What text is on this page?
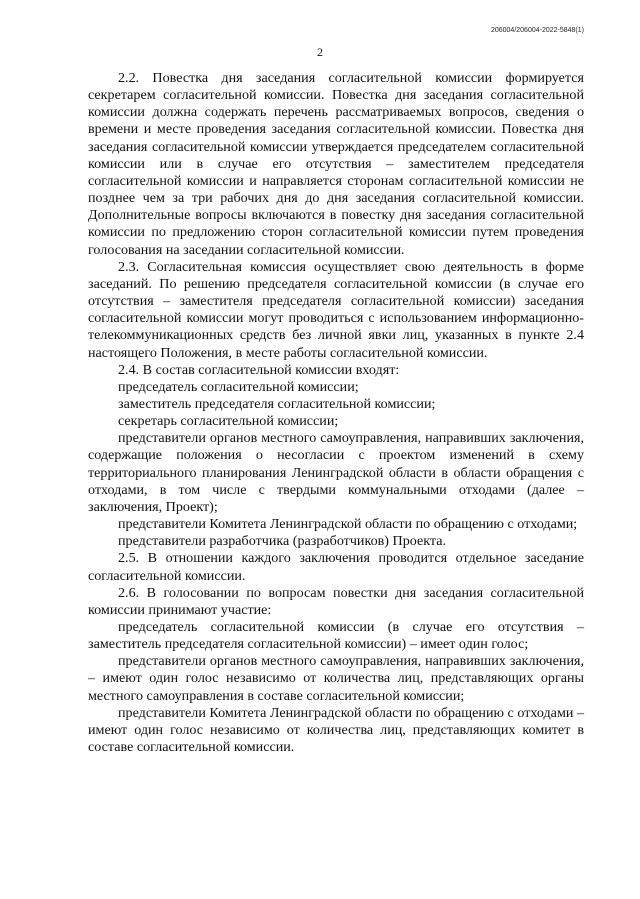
206004/206004-2022-5848(1)
2

2.2. Повестка дня заседания согласительной комиссии формируется секретарем согласительной комиссии. Повестка дня заседания согласительной комиссии должна содержать перечень рассматриваемых вопросов, сведения о времени и месте проведения заседания согласительной комиссии. Повестка дня заседания согласительной комиссии утверждается председателем согласительной комиссии или в случае его отсутствия – заместителем председателя согласительной комиссии и направляется сторонам согласительной комиссии не позднее чем за три рабочих дня до дня заседания согласительной комиссии. Дополнительные вопросы включаются в повестку дня заседания согласительной комиссии по предложению сторон согласительной комиссии путем проведения голосования на заседании согласительной комиссии.

2.3. Согласительная комиссия осуществляет свою деятельность в форме заседаний. По решению председателя согласительной комиссии (в случае его отсутствия – заместителя председателя согласительной комиссии) заседания согласительной комиссии могут проводиться с использованием информационно-телекоммуникационных средств без личной явки лиц, указанных в пункте 2.4 настоящего Положения, в месте работы согласительной комиссии.

2.4. В состав согласительной комиссии входят:

председатель согласительной комиссии;

заместитель председателя согласительной комиссии;

секретарь согласительной комиссии;

представители органов местного самоуправления, направивших заключения, содержащие положения о несогласии с проектом изменений в схему территориального планирования Ленинградской области в области обращения с отходами, в том числе с твердыми коммунальными отходами (далее – заключения, Проект);

представители Комитета Ленинградской области по обращению с отходами;

представители разработчика (разработчиков) Проекта.

2.5. В отношении каждого заключения проводится отдельное заседание согласительной комиссии.

2.6. В голосовании по вопросам повестки дня заседания согласительной комиссии принимают участие:

председатель согласительной комиссии (в случае его отсутствия – заместитель председателя согласительной комиссии) – имеет один голос;

представители органов местного самоуправления, направивших заключения, – имеют один голос независимо от количества лиц, представляющих органы местного самоуправления в составе согласительной комиссии;

представители Комитета Ленинградской области по обращению с отходами – имеют один голос независимо от количества лиц, представляющих комитет в составе согласительной комиссии.
